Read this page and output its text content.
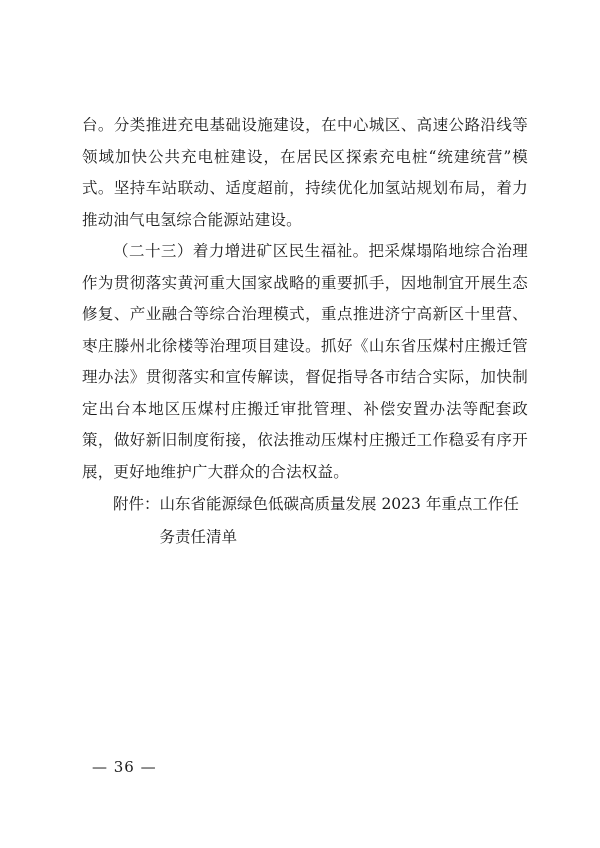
台。分类推进充电基础设施建设，在中心城区、高速公路沿线等领域加快公共充电桩建设，在居民区探索充电桩“统建统营”模式。坚持车站联动、适度超前，持续优化加氢站规划布局，着力推动油气电氢综合能源站建设。

（二十三）着力增进矿区民生福祉。把采煤塌陷地综合治理作为贯彻落实黄河重大国家战略的重要抓手，因地制宜开展生态修复、产业融合等综合治理模式，重点推进济宁高新区十里营、枣庄滕州北徐楼等治理项目建设。抓好《山东省压煤村庄搬迁管理办法》贯彻落实和宣传解读，督促指导各市结合实际，加快制定出台本地区压煤村庄搬迁审批管理、补偿安置办法等配套政策，做好新旧制度衔接，依法推动压煤村庄搬迁工作稳妥有序开展，更好地维护广大群众的合法权益。

附件： 山东省能源绿色低碳高质量发展 2023 年重点工作任务责任清单
— 36 —
